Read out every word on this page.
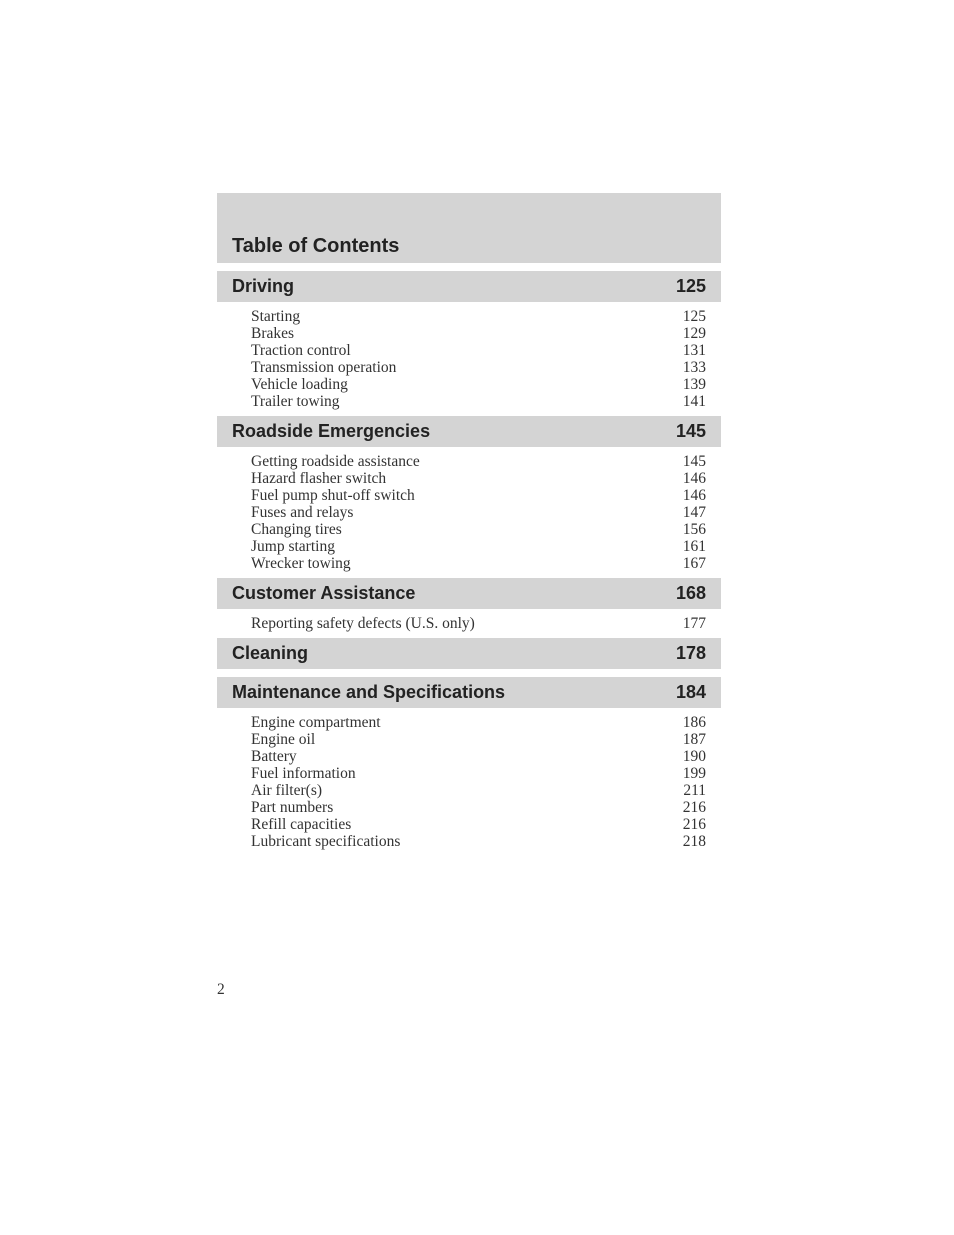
Table of Contents
Driving	125
Starting	125
Brakes	129
Traction control	131
Transmission operation	133
Vehicle loading	139
Trailer towing	141
Roadside Emergencies	145
Getting roadside assistance	145
Hazard flasher switch	146
Fuel pump shut-off switch	146
Fuses and relays	147
Changing tires	156
Jump starting	161
Wrecker towing	167
Customer Assistance	168
Reporting safety defects (U.S. only)	177
Cleaning	178
Maintenance and Specifications	184
Engine compartment	186
Engine oil	187
Battery	190
Fuel information	199
Air filter(s)	211
Part numbers	216
Refill capacities	216
Lubricant specifications	218
2
